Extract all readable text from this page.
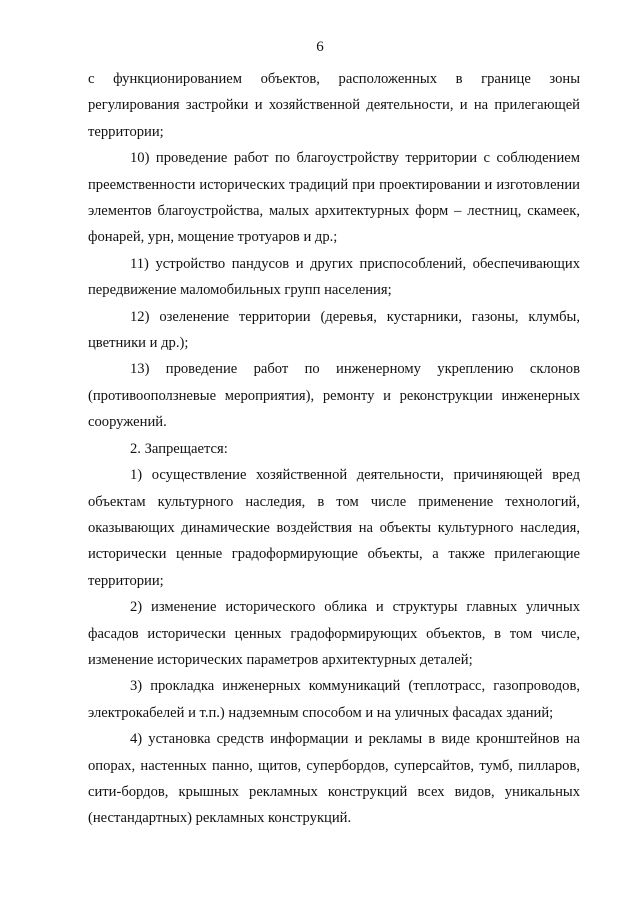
6

с функционированием объектов, расположенных в границе зоны регулирования застройки и хозяйственной деятельности, и на прилегающей территории;

10) проведение работ по благоустройству территории с соблюдением преемственности исторических традиций при проектировании и изготовлении элементов благоустройства, малых архитектурных форм – лестниц, скамеек, фонарей, урн, мощение тротуаров и др.;

11) устройство пандусов и других приспособлений, обеспечивающих передвижение маломобильных групп населения;

12) озеленение территории (деревья, кустарники, газоны, клумбы, цветники и др.);

13) проведение работ по инженерному укреплению склонов (противооползневые мероприятия), ремонту и реконструкции инженерных сооружений.

2. Запрещается:

1) осуществление хозяйственной деятельности, причиняющей вред объектам культурного наследия, в том числе применение технологий, оказывающих динамические воздействия на объекты культурного наследия, исторически ценные градоформирующие объекты, а также прилегающие территории;

2) изменение исторического облика и структуры главных уличных фасадов исторически ценных градоформирующих объектов, в том числе, изменение исторических параметров архитектурных деталей;

3) прокладка инженерных коммуникаций (теплотрасс, газопроводов, электрокабелей и т.п.) надземным способом и на уличных фасадах зданий;

4) установка средств информации и рекламы в виде кронштейнов на опорах, настенных панно, щитов, супербордов, суперсайтов, тумб, пилларов, сити-бордов, крышных рекламных конструкций всех видов, уникальных (нестандартных) рекламных конструкций.
